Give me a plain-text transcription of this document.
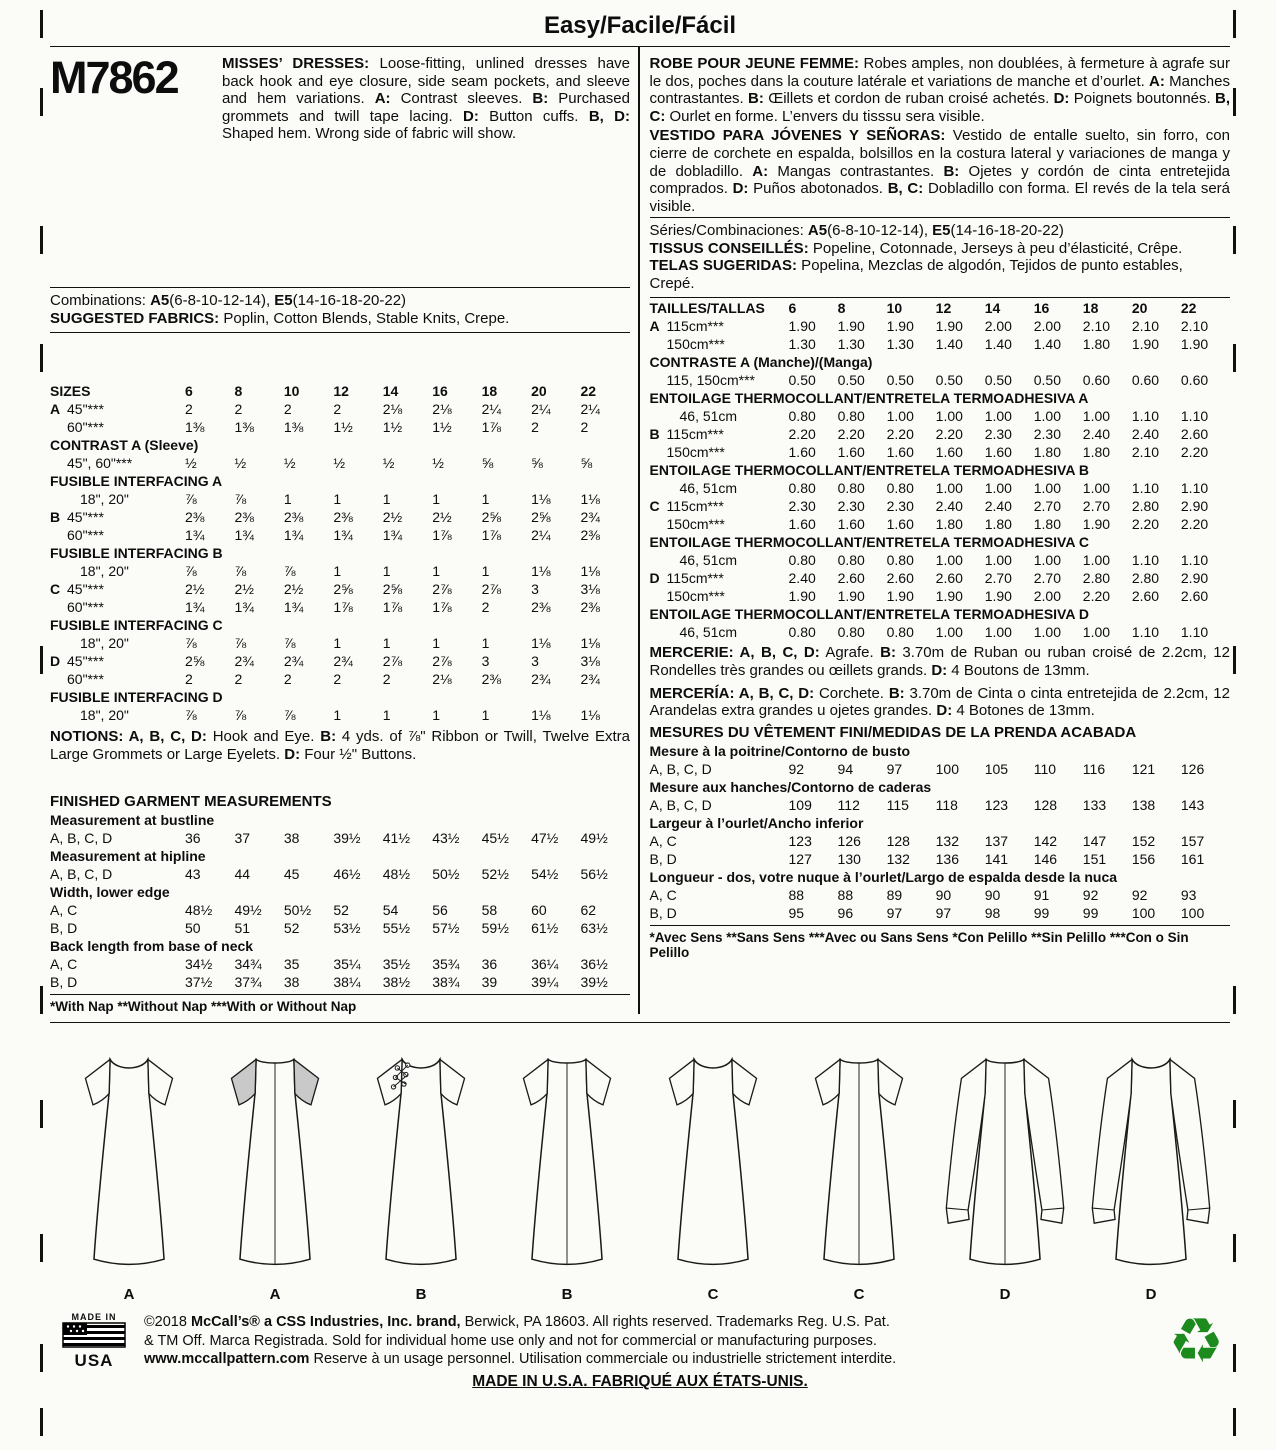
Easy/Facile/Fácil
M7862	MISSES’ DRESSES: Loose-fitting, unlined dresses have back hook and eye closure, side seam pockets, and sleeve and hem variations. A: Contrast sleeves. B: Purchased grommets and twill tape lacing. D: Button cuffs. B, D: Shaped hem. Wrong side of fabric will show.

Combinations: A5(6-8-10-12-14), E5(14-16-18-20-22)

SUGGESTED FABRICS: Poplin, Cotton Blends, Stable Knits, Crepe.

SIZES		6	8	10	12	14	16	18	20	22
A	45"***	2	2	2	2	2⅛	2⅛	2¼	2¼	2¼
60"***		1⅜	1⅜	1⅜	1½	1½	1½	1⅞	2	2
CONTRAST A (Sleeve)										
45", 60"***		½	½	½	½	½	½	⅝	⅝	⅝
FUSIBLE INTERFACING A										
18", 20"		⅞	⅞	1	1	1	1	1	1⅛	1⅛
B	45"***	2⅜	2⅜	2⅜	2⅜	2½	2½	2⅝	2⅝	2¾
60"***		1¾	1¾	1¾	1¾	1¾	1⅞	1⅞	2¼	2⅜
FUSIBLE INTERFACING B										
18", 20"		⅞	⅞	⅞	1	1	1	1	1⅛	1⅛
C	45"***	2½	2½	2½	2⅝	2⅝	2⅞	2⅞	3	3⅛
60"***		1¾	1¾	1¾	1⅞	1⅞	1⅞	2	2⅜	2⅜
FUSIBLE INTERFACING C										
18", 20"		⅞	⅞	⅞	1	1	1	1	1⅛	1⅛
D	45"***	2⅝	2¾	2¾	2¾	2⅞	2⅞	3	3	3⅛
60"***		2	2	2	2	2	2⅛	2⅜	2¾	2¾
FUSIBLE INTERFACING D										
18", 20"		⅞	⅞	⅞	1	1	1	1	1⅛	1⅛

NOTIONS: A, B, C, D: Hook and Eye. B: 4 yds. of ⅞" Ribbon or Twill, Twelve Extra Large Grommets or Large Eyelets. D: Four ½" Buttons.

FINISHED GARMENT MEASUREMENTS

Measurement at bustline									
A, B, C, D	36	37	38	39½	41½	43½	45½	47½	49½
Measurement at hipline									
A, B, C, D	43	44	45	46½	48½	50½	52½	54½	56½
Width, lower edge									
A, C	48½	49½	50½	52	54	56	58	60	62
B, D	50	51	52	53½	55½	57½	59½	61½	63½
Back length from base of neck									
A, C	34½	34¾	35	35¼	35½	35¾	36	36¼	36½
B, D	37½	37¾	38	38¼	38½	38¾	39	39¼	39½

*With Nap **Without Nap ***With or Without Nap

ROBE POUR JEUNE FEMME: Robes amples, non doublées, à fermeture à agrafe sur le dos, poches dans la couture latérale et variations de manche et d’ourlet. A: Manches contrastantes. B: Œillets et cordon de ruban croisé achetés. D: Poignets boutonnés. B, C: Ourlet en forme. L’envers du tisssu sera visible.

VESTIDO PARA JÓVENES Y SEÑORAS: Vestido de entalle suelto, sin forro, con cierre de corchete en espalda, bolsillos en la costura lateral y variaciones de manga y de dobladillo. A: Mangas contrastantes. B: Ojetes y cordón de cinta entretejida comprados. D: Puños abotonados. B, C: Dobladillo con forma. El revés de la tela será visible.

Séries/Combinaciones: A5(6-8-10-12-14), E5(14-16-18-20-22)

TISSUS CONSEILLÉS: Popeline, Cotonnade, Jerseys à peu d’élasticité, Crêpe.

TELAS SUGERIDAS: Popelina, Mezclas de algodón, Tejidos de punto estables, Crepé.

TAILLES/TALLAS		6	8	10	12	14	16	18	20	22
A	115cm***	1.90	1.90	1.90	1.90	2.00	2.00	2.10	2.10	2.10
150cm***		1.30	1.30	1.30	1.40	1.40	1.40	1.80	1.90	1.90
CONTRASTE A (Manche)/(Manga)										
115, 150cm***		0.50	0.50	0.50	0.50	0.50	0.50	0.60	0.60	0.60
ENTOILAGE THERMOCOLLANT/ENTRETELA TERMOADHESIVA A										
46, 51cm		0.80	0.80	1.00	1.00	1.00	1.00	1.00	1.10	1.10
B	115cm***	2.20	2.20	2.20	2.20	2.30	2.30	2.40	2.40	2.60
150cm***		1.60	1.60	1.60	1.60	1.60	1.80	1.80	2.10	2.20
ENTOILAGE THERMOCOLLANT/ENTRETELA TERMOADHESIVA B										
46, 51cm		0.80	0.80	0.80	1.00	1.00	1.00	1.00	1.10	1.10
C	115cm***	2.30	2.30	2.30	2.40	2.40	2.70	2.70	2.80	2.90
150cm***		1.60	1.60	1.60	1.80	1.80	1.80	1.90	2.20	2.20
ENTOILAGE THERMOCOLLANT/ENTRETELA TERMOADHESIVA C										
46, 51cm		0.80	0.80	0.80	1.00	1.00	1.00	1.00	1.10	1.10
D	115cm***	2.40	2.60	2.60	2.60	2.70	2.70	2.80	2.80	2.90
150cm***		1.90	1.90	1.90	1.90	1.90	2.00	2.20	2.60	2.60
ENTOILAGE THERMOCOLLANT/ENTRETELA TERMOADHESIVA D										
46, 51cm		0.80	0.80	0.80	1.00	1.00	1.00	1.00	1.10	1.10

MERCERIE: A, B, C, D: Agrafe. B: 3.70m de Ruban ou ruban croisé de 2.2cm, 12 Rondelles très grandes ou œillets grands. D: 4 Boutons de 13mm.

MERCERÍA: A, B, C, D: Corchete. B: 3.70m de Cinta o cinta entretejida de 2.2cm, 12 Arandelas extra grandes u ojetes grandes. D: 4 Botones de 13mm.

MESURES DU VÊTEMENT FINI/MEDIDAS DE LA PRENDA ACABADA

Mesure à la poitrine/Contorno de busto									
A, B, C, D	92	94	97	100	105	110	116	121	126
Mesure aux hanches/Contorno de caderas									
A, B, C, D	109	112	115	118	123	128	133	138	143
Largeur à l’ourlet/Ancho inferior									
A, C	123	126	128	132	137	142	147	152	157
B, D	127	130	132	136	141	146	151	156	161
Longueur - dos, votre nuque à l’ourlet/Largo de espalda desde la nuca									
A, C	88	88	89	90	90	91	92	92	93
B, D	95	96	97	97	98	99	99	100	100

*Avec Sens **Sans Sens ***Avec ou Sans Sens *Con Pelillo **Sin Pelillo ***Con o Sin Pelillo

A	A	B	B	C	C	D	D
MADE IN
USA

©2018 McCall’s® a CSS Industries, Inc. brand, Berwick, PA 18603. All rights reserved. Trademarks Reg. U.S. Pat.

& TM Off. Marca Registrada. Sold for individual home use only and not for commercial or manufacturing purposes.

www.mccallpattern.com Reserve à un usage personnel. Utilisation commerciale ou industrielle strictement interdite.	♻

MADE IN U.S.A. FABRIQUÉ AUX ÉTATS-UNIS.
